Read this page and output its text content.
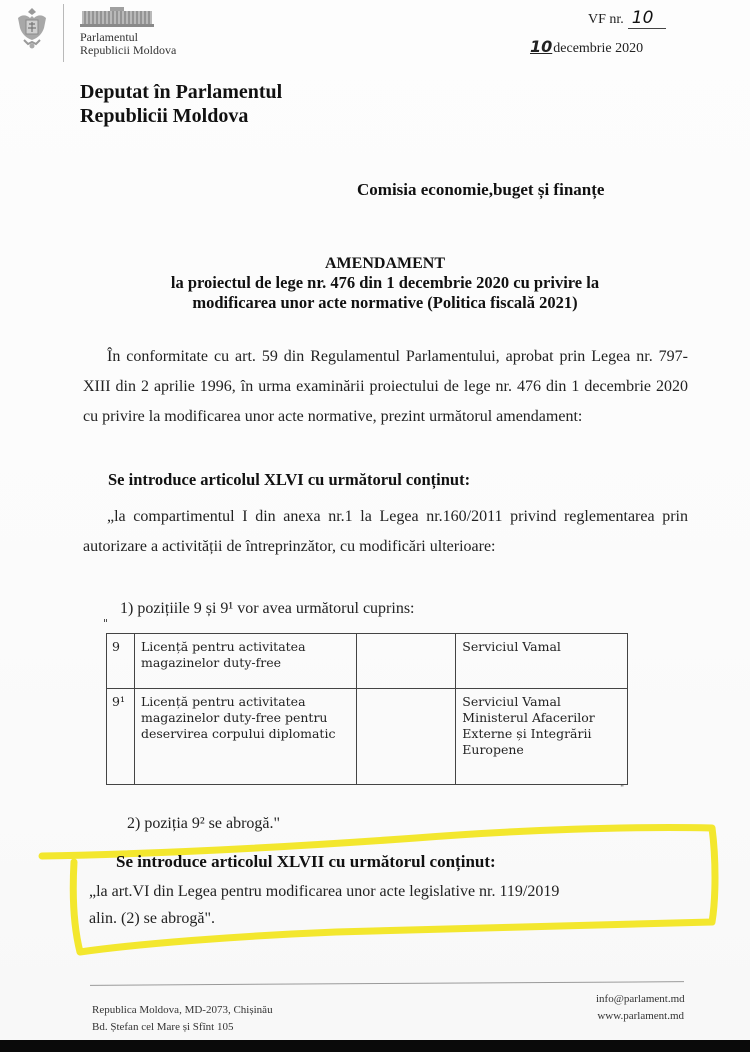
Parlamentul
Republicii Moldova
VF nr. 10
10decembrie 2020
Deputat în Parlamentul
Republicii Moldova
Comisia economie,buget și finanțe
AMENDAMENT
la proiectul de lege nr. 476 din 1 decembrie 2020 cu privire la
modificarea unor acte normative (Politica fiscală 2021)

În conformitate cu art. 59 din Regulamentul Parlamentului, aprobat prin Legea nr. 797-XIII din 2 aprilie 1996, în urma examinării proiectului de lege nr. 476 din 1 decembrie 2020 cu privire la modificarea unor acte normative, prezint următorul amendament:

Se introduce articolul XLVI cu următorul conținut:

„la compartimentul I din anexa nr.1 la Legea nr.160/2011 privind reglementarea prin autorizare a activității de întreprinzător, cu modificări ulterioare:

1) pozițiile 9 și 9¹ vor avea următorul cuprins:
"
9	Licență pentru activitatea magazinelor duty-free		Serviciul Vamal
9¹	Licență pentru activitatea magazinelor duty-free pentru deservirea corpului diplomatic		Serviciul Vamal Ministerul Afacerilor Externe și Integrării Europene
"
2) poziția 9² se abrogă."
Se introduce articolul XLVII cu următorul conținut:
„la art.VI din Legea pentru modificarea unor acte legislative nr. 119/2019
alin. (2) se abrogă".
Republica Moldova, MD-2073, Chișinău
Bd. Ștefan cel Mare și Sfînt 105
info@parlament.md
www.parlament.md
